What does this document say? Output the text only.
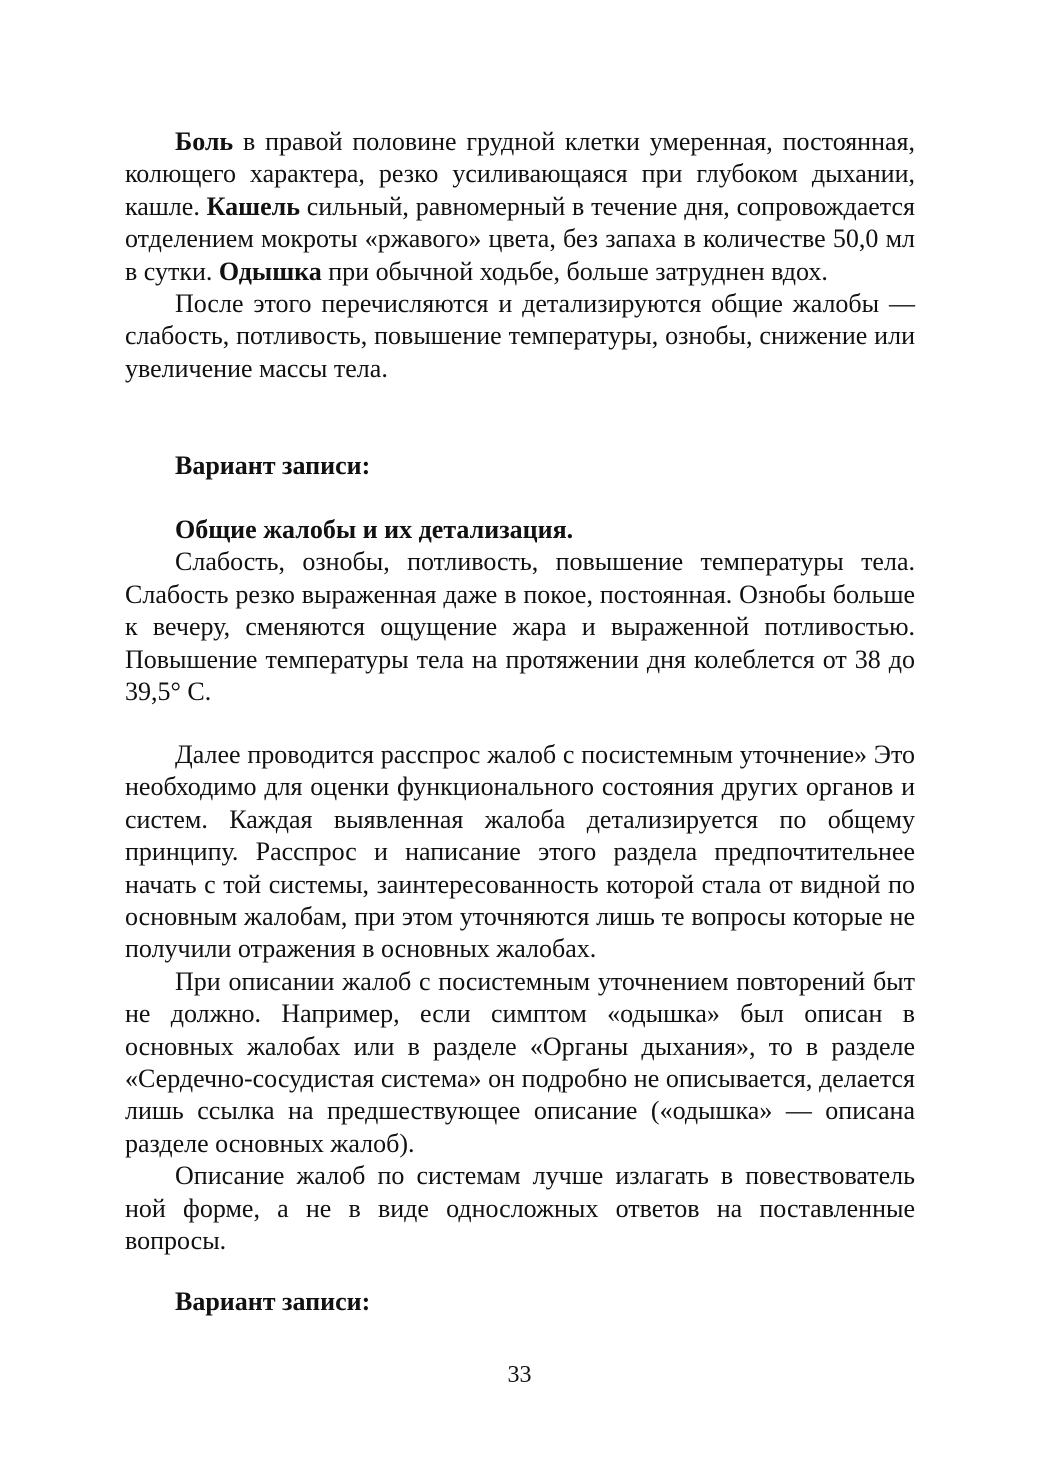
Боль в правой половине грудной клетки умеренная, постоянная, колющего характера, резко усиливающаяся при глубоком дыхании, кашле. Кашель сильный, равномерный в течение дня, сопровождается отделением мокроты «ржавого» цвета, без запаха в количестве 50,0 мл в сутки. Одышка при обычной ходьбе, больше затруднен вдох.

После этого перечисляются и детализируются общие жалобы — слабость, потливость, повышение температуры, ознобы, снижение или увеличение массы тела.

Вариант записи:
Общие жалобы и их детализация.

Слабость, ознобы, потливость, повышение температуры тела. Слабость резко выраженная даже в покое, постоянная. Ознобы больше к вечеру, сменяются ощущение жара и выраженной потливостью. Повышение температуры тела на протяжении дня колеблется от 38 до 39,5° С.

Далее проводится расспрос жалоб с посистемным уточнение» Это необходимо для оценки функционального состояния других органов и систем. Каждая выявленная жалоба детализируется по общему принципу. Расспрос и написание этого раздела предпочтительнее начать с той системы, заинтересованность которой стала от видной по основным жалобам, при этом уточняются лишь те вопросы которые не получили отражения в основных жалобах.

При описании жалоб с посистемным уточнением повторений быт не должно. Например, если симптом «одышка» был описан в основных жалобах или в разделе «Органы дыхания», то в разделе «Сердечно-сосудистая система» он подробно не описывается, делается лишь ссылка на предшествующее описание («одышка» — описана разделе основных жалоб).

Описание жалоб по системам лучше излагать в повествователь ной форме, а не в виде односложных ответов на поставленные вопросы.

Вариант записи:
33
